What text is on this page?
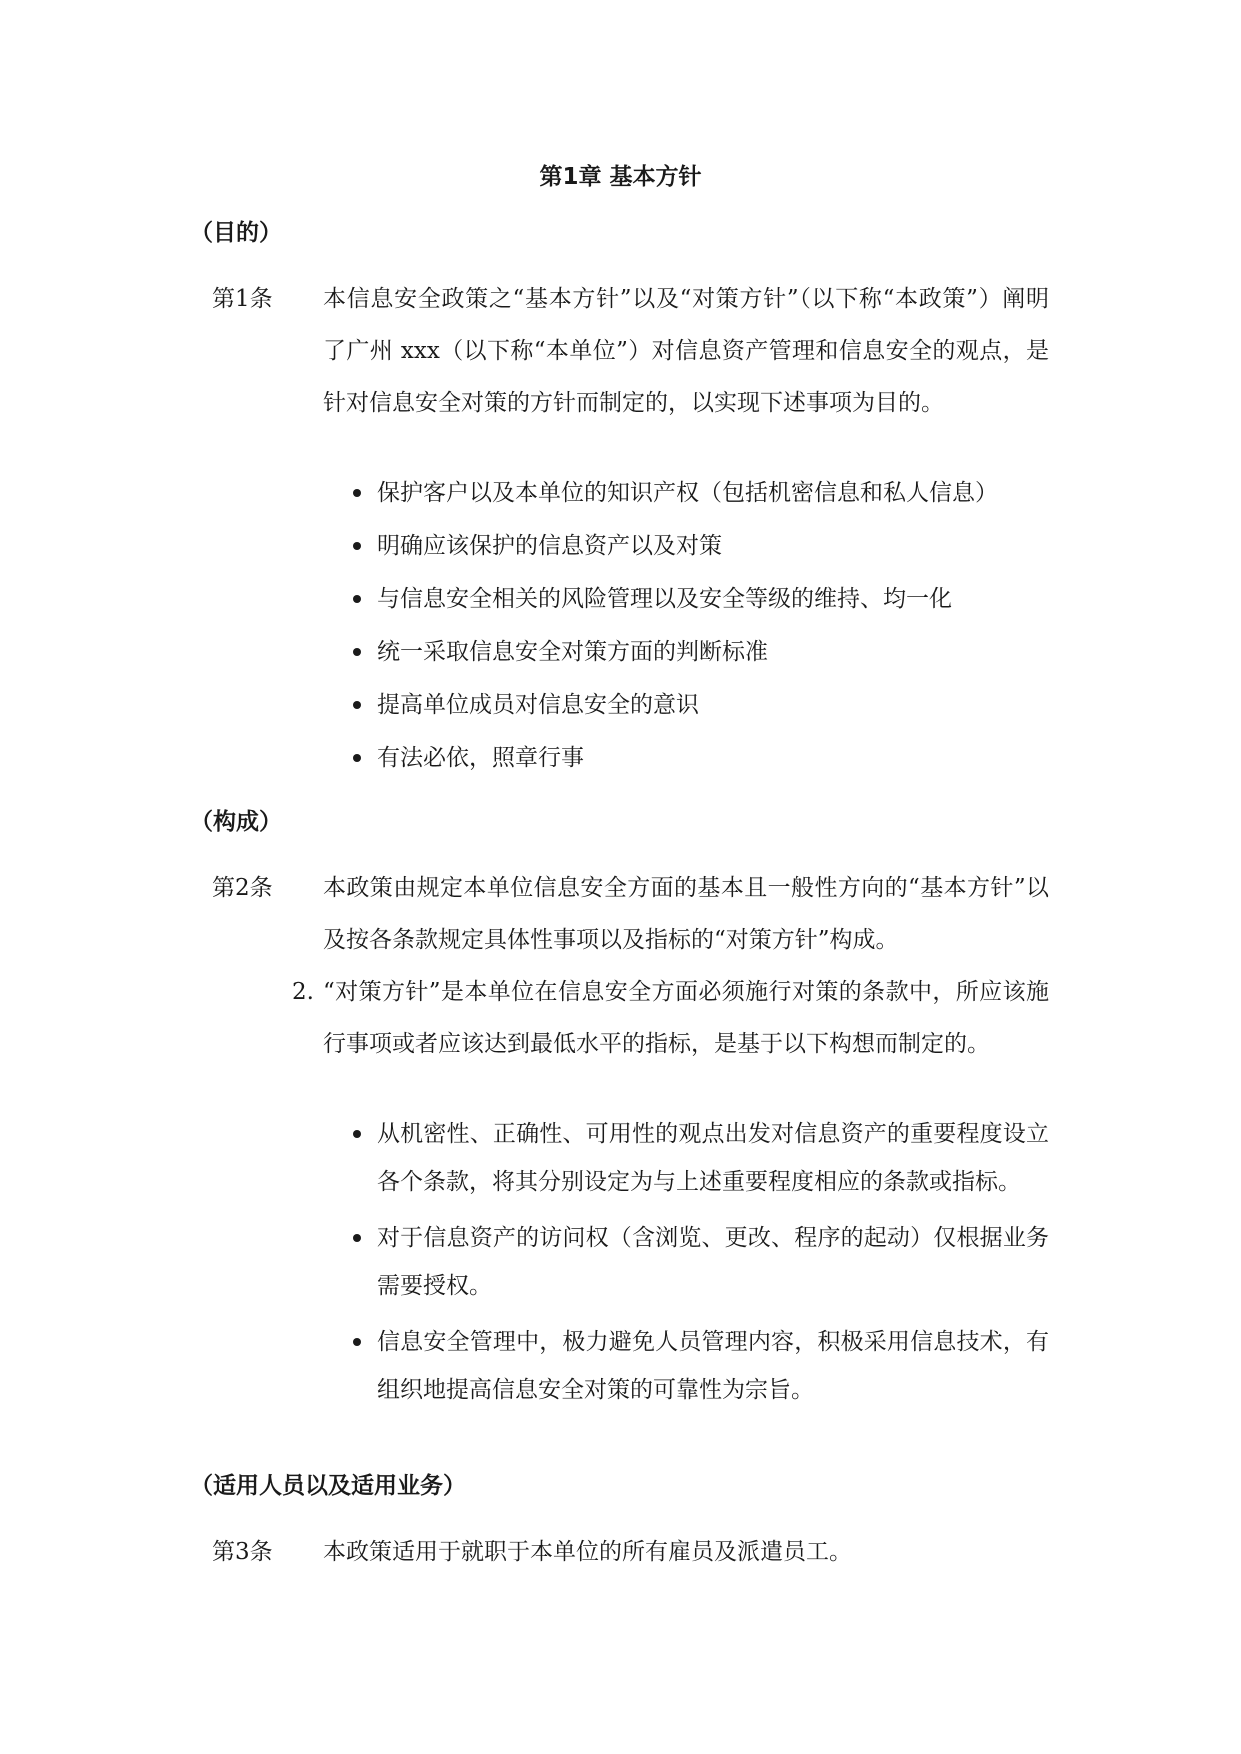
第1章 基本方针
（目的）
第1条 本信息安全政策之“基本方针”以及“对策方针”（以下称“本政策”）阐明了广州 xxx（以下称“本单位”）对信息资产管理和信息安全的观点，是针对信息安全对策的方针而制定的，以实现下述事项为目的。

保护客户以及本单位的知识产权（包括机密信息和私人信息）
明确应该保护的信息资产以及对策
与信息安全相关的风险管理以及安全等级的维持、均一化
统一采取信息安全对策方面的判断标准
提高单位成员对信息安全的意识
有法必依，照章行事
（构成）
第2条 本政策由规定本单位信息安全方面的基本且一般性方向的“基本方针”以及按各条款规定具体性事项以及指标的“对策方针”构成。

2. “对策方针”是本单位在信息安全方面必须施行对策的条款中，所应该施行事项或者应该达到最低水平的指标，是基于以下构想而制定的。

从机密性、正确性、可用性的观点出发对信息资产的重要程度设立各个条款，将其分别设定为与上述重要程度相应的条款或指标。
对于信息资产的访问权（含浏览、更改、程序的起动）仅根据业务需要授权。
信息安全管理中，极力避免人员管理内容，积极采用信息技术，有组织地提高信息安全对策的可靠性为宗旨。
（适用人员以及适用业务）
第3条 本政策适用于就职于本单位的所有雇员及派遣员工。
